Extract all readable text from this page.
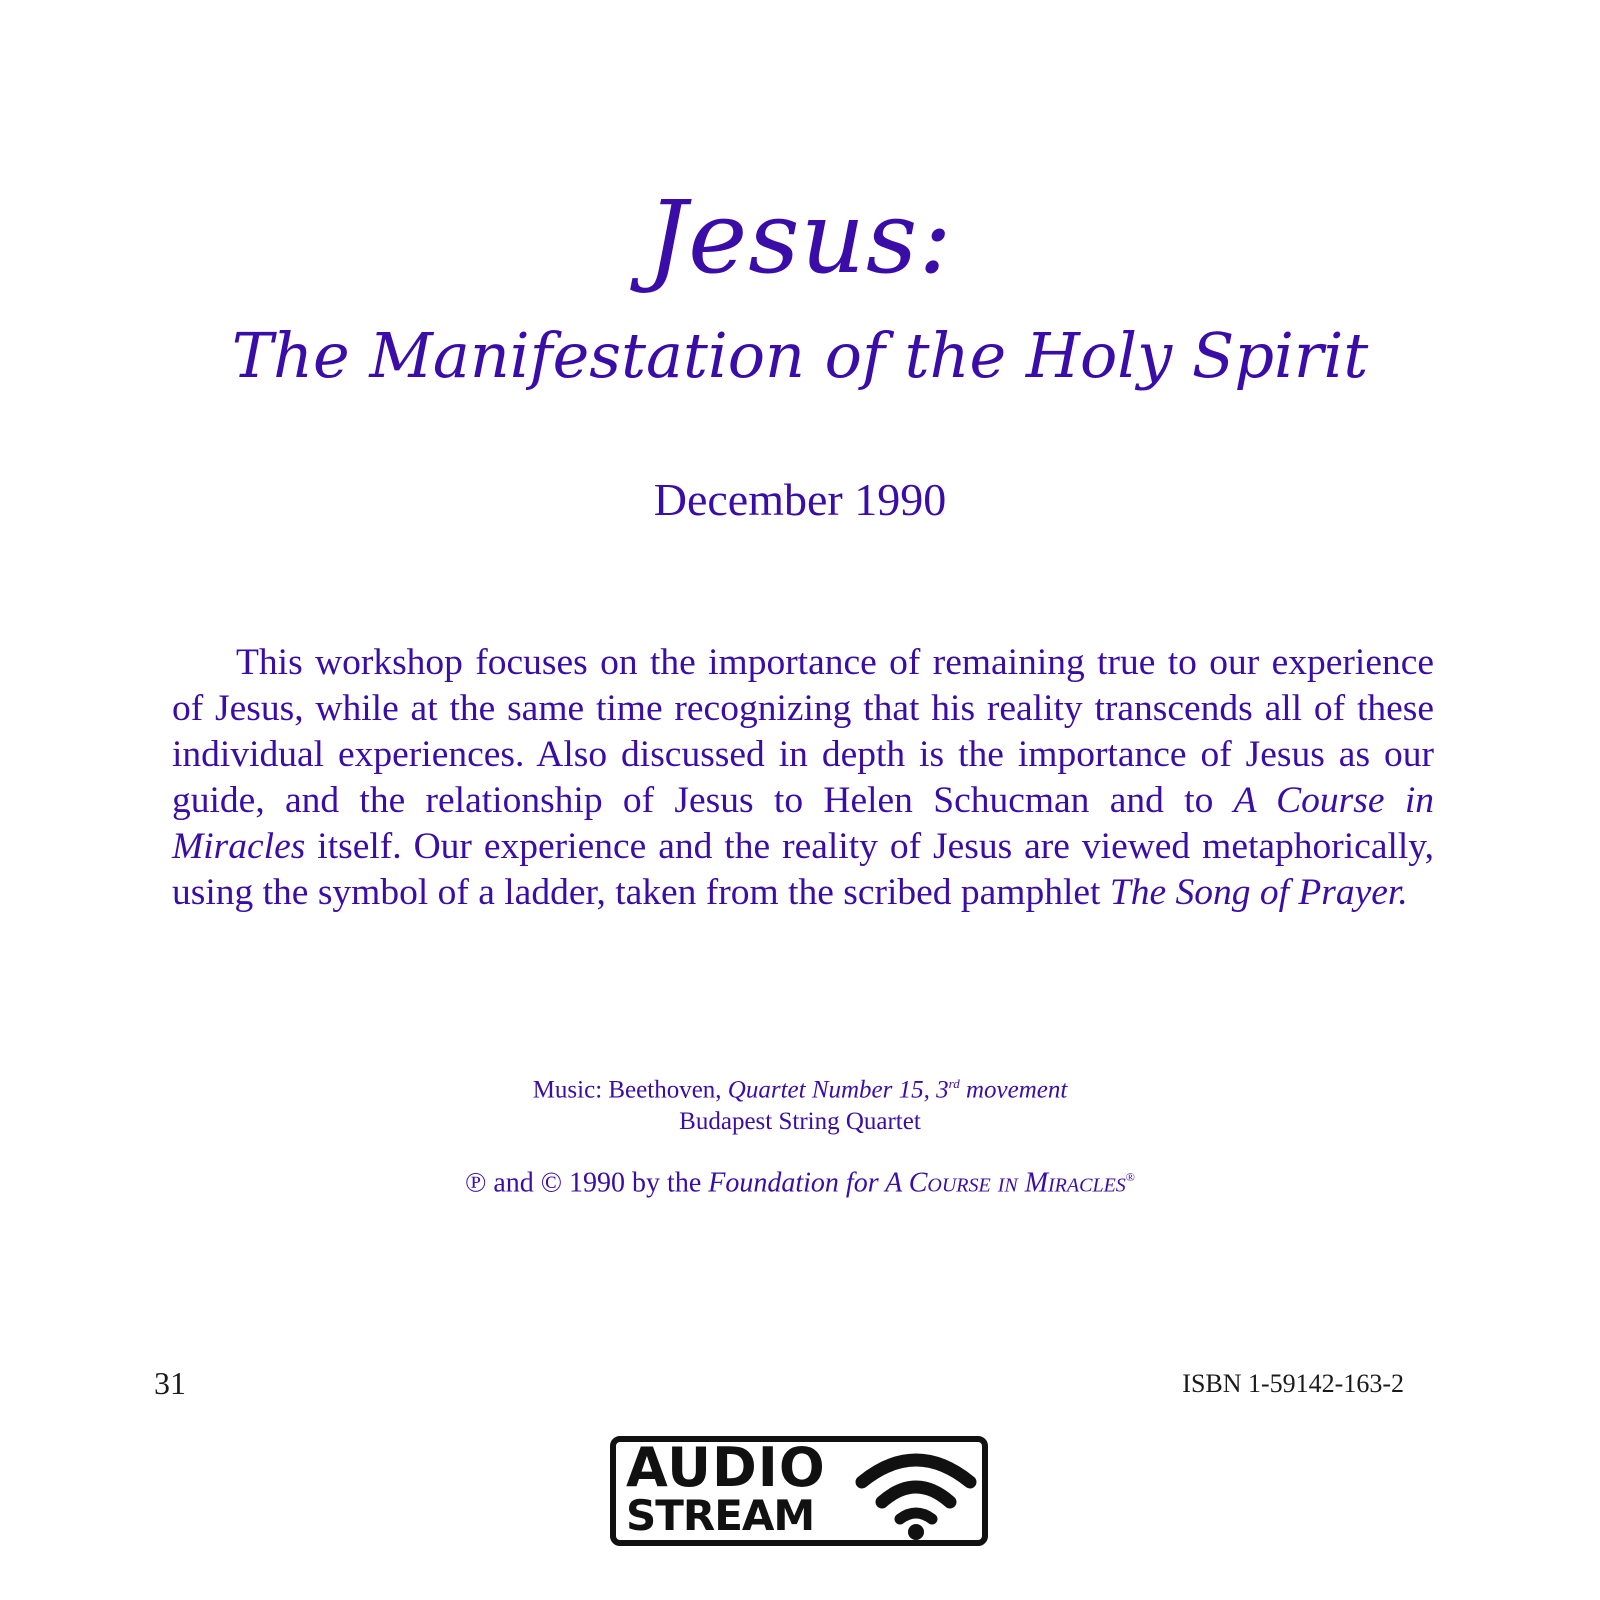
Jesus:
The Manifestation of the Holy Spirit
December 1990

This workshop focuses on the importance of remaining true to our experience of Jesus, while at the same time recognizing that his reality transcends all of these individual experiences. Also discussed in depth is the importance of Jesus as our guide, and the relationship of Jesus to Helen Schucman and to A Course in Miracles itself. Our experience and the reality of Jesus are viewed metaphorically, using the symbol of a ladder, taken from the scribed pamphlet The Song of Prayer.

Music: Beethoven, Quartet Number 15, 3rd movement
Budapest String Quartet
℗ and © 1990 by the Foundation for A Course in Miracles®
31	ISBN 1-59142-163-2
AUDIO
STREAM
